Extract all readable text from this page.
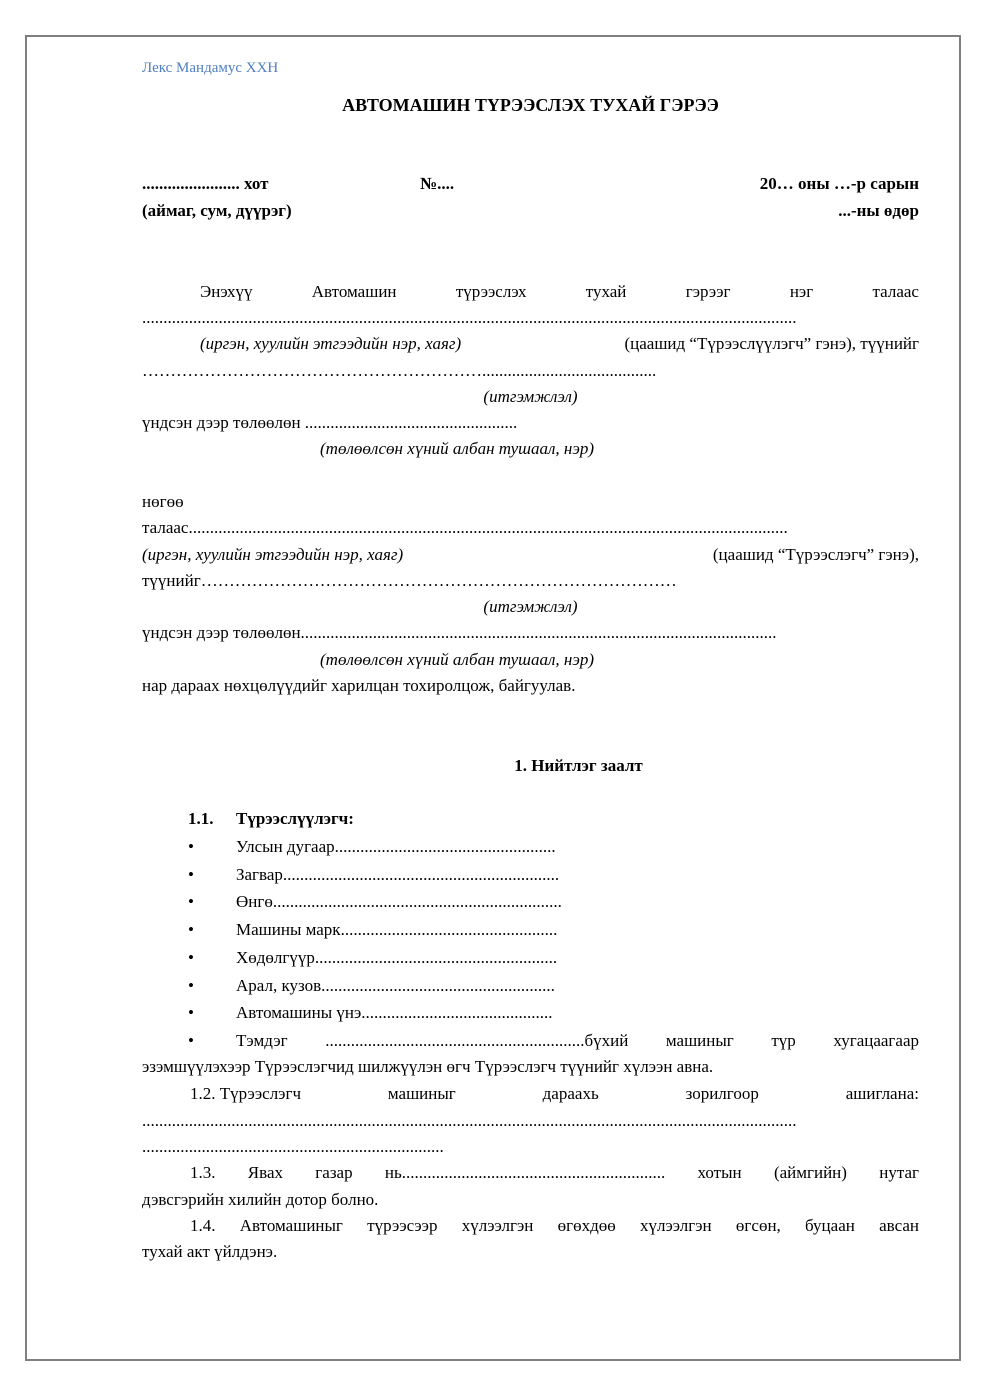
Лекс Мандамус ХХН
АВТОМАШИН ТҮРЭЭСЛЭХ ТУХАЙ ГЭРЭЭ
....................... хот	№....	20… оны …-р сарын
(аймаг, сум, дүүрэг)	...-ны өдөр
Энэхүү	Автомашин	түрээслэх	тухай	гэрээг	нэг	талаас
..........................................................................................................................................................
(иргэн, хуулийн этгээдийн нэр, хаяг)	(цаашид “Түрээслүүлэгч” гэнэ), түүнийг
…………………………………………………….........................................
(итгэмжлэл)
үндсэн дээр төлөөлөн ..................................................
(төлөөлсөн хүний албан тушаал, нэр)
нөгөө
талаас.............................................................................................................................................
(иргэн, хуулийн этгээдийн нэр, хаяг)	(цаашид “Түрээслэгч” гэнэ),
түүнийг…………………………………………………………………………
(итгэмжлэл)
үндсэн дээр төлөөлөн................................................................................................................
(төлөөлсөн хүний албан тушаал, нэр)
нар дараах нөхцөлүүдийг харилцан тохиролцож, байгуулав.
1. Нийтлэг заалт
1.1. Түрээслүүлэгч:
• Улсын дугаар....................................................
• Загвар.................................................................
• Өнгө....................................................................
• Машины марк...................................................
• Хөдөлгүүр.........................................................
• Арал, кузов.......................................................
• Автомашины үнэ.............................................
• Тэмдэг .............................................................бүхий машиныг түр хугацаагаар
эзэмшүүлэхээр Түрээслэгчид шилжүүлэн өгч Түрээслэгч түүнийг хүлээн авна.
1.2. Түрээслэгч	машиныг	дараахь	зорилгоор	ашиглана:
..........................................................................................................................................................
.......................................................................
1.3. Явах газар нь.............................................................. хотын (аймгийн) нутаг
дэвсгэрийн хилийн дотор болно.
1.4. Автомашиныг түрээсээр хүлээлгэн өгөхдөө хүлээлгэн өгсөн, буцаан авсан
тухай акт үйлдэнэ.
